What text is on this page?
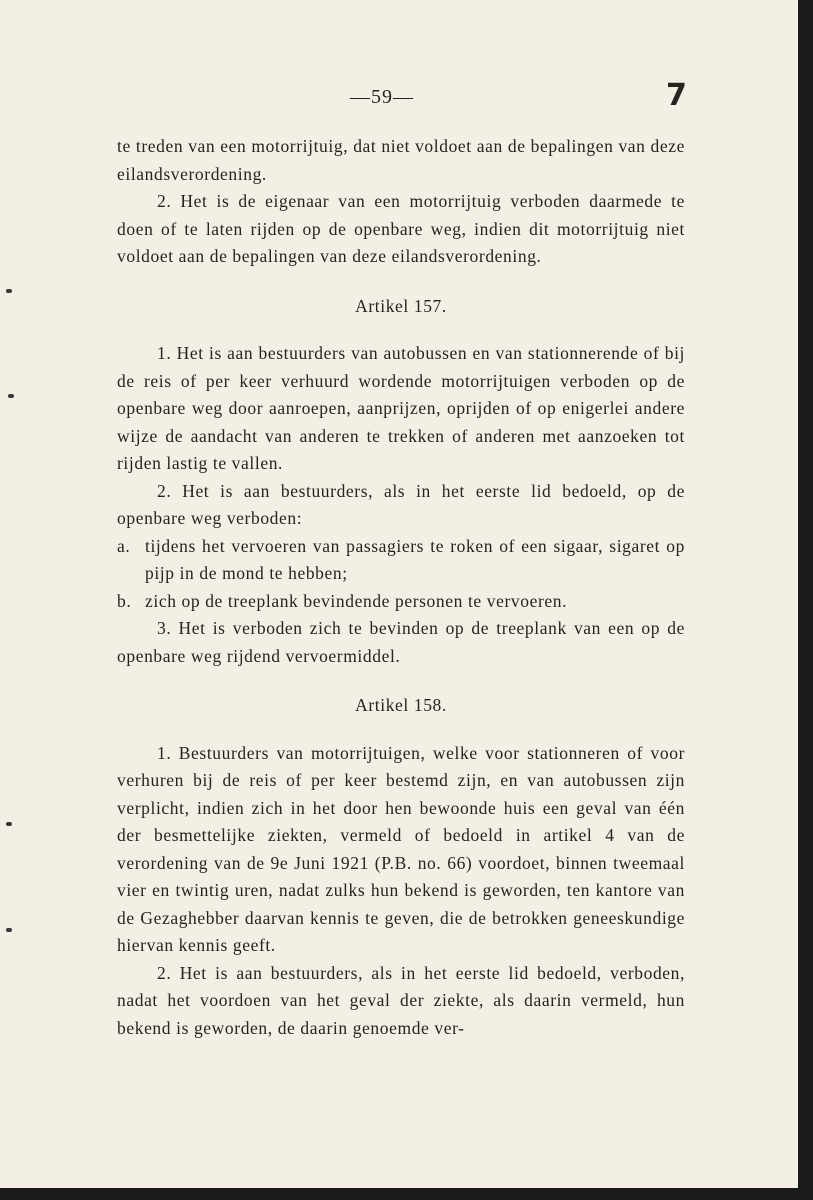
—59—	7

te treden van een motorrijtuig, dat niet voldoet aan de bepalingen van deze eilandsverordening.

2. Het is de eigenaar van een motorrijtuig verboden daarmede te doen of te laten rijden op de openbare weg, indien dit motorrijtuig niet voldoet aan de bepalingen van deze eilandsverordening.

Artikel 157.

1. Het is aan bestuurders van autobussen en van stationnerende of bij de reis of per keer verhuurd wordende motorrijtuigen verboden op de openbare weg door aanroepen, aanprijzen, oprijden of op enigerlei andere wijze de aandacht van anderen te trekken of anderen met aanzoeken tot rijden lastig te vallen.

2. Het is aan bestuurders, als in het eerste lid bedoeld, op de openbare weg verboden:

a. tijdens het vervoeren van passagiers te roken of een sigaar, sigaret op pijp in de mond te hebben;
b. zich op de treeplank bevindende personen te vervoeren.

3. Het is verboden zich te bevinden op de treeplank van een op de openbare weg rijdend vervoermiddel.

Artikel 158.

1. Bestuurders van motorrijtuigen, welke voor stationneren of voor verhuren bij de reis of per keer bestemd zijn, en van autobussen zijn verplicht, indien zich in het door hen bewoonde huis een geval van één der besmettelijke ziekten, vermeld of bedoeld in artikel 4 van de verordening van de 9e Juni 1921 (P.B. no. 66) voordoet, binnen tweemaal vier en twintig uren, nadat zulks hun bekend is geworden, ten kantore van de Gezaghebber daarvan kennis te geven, die de betrokken geneeskundige hiervan kennis geeft.

2. Het is aan bestuurders, als in het eerste lid bedoeld, verboden, nadat het voordoen van het geval der ziekte, als daarin vermeld, hun bekend is geworden, de daarin genoemde ver-
